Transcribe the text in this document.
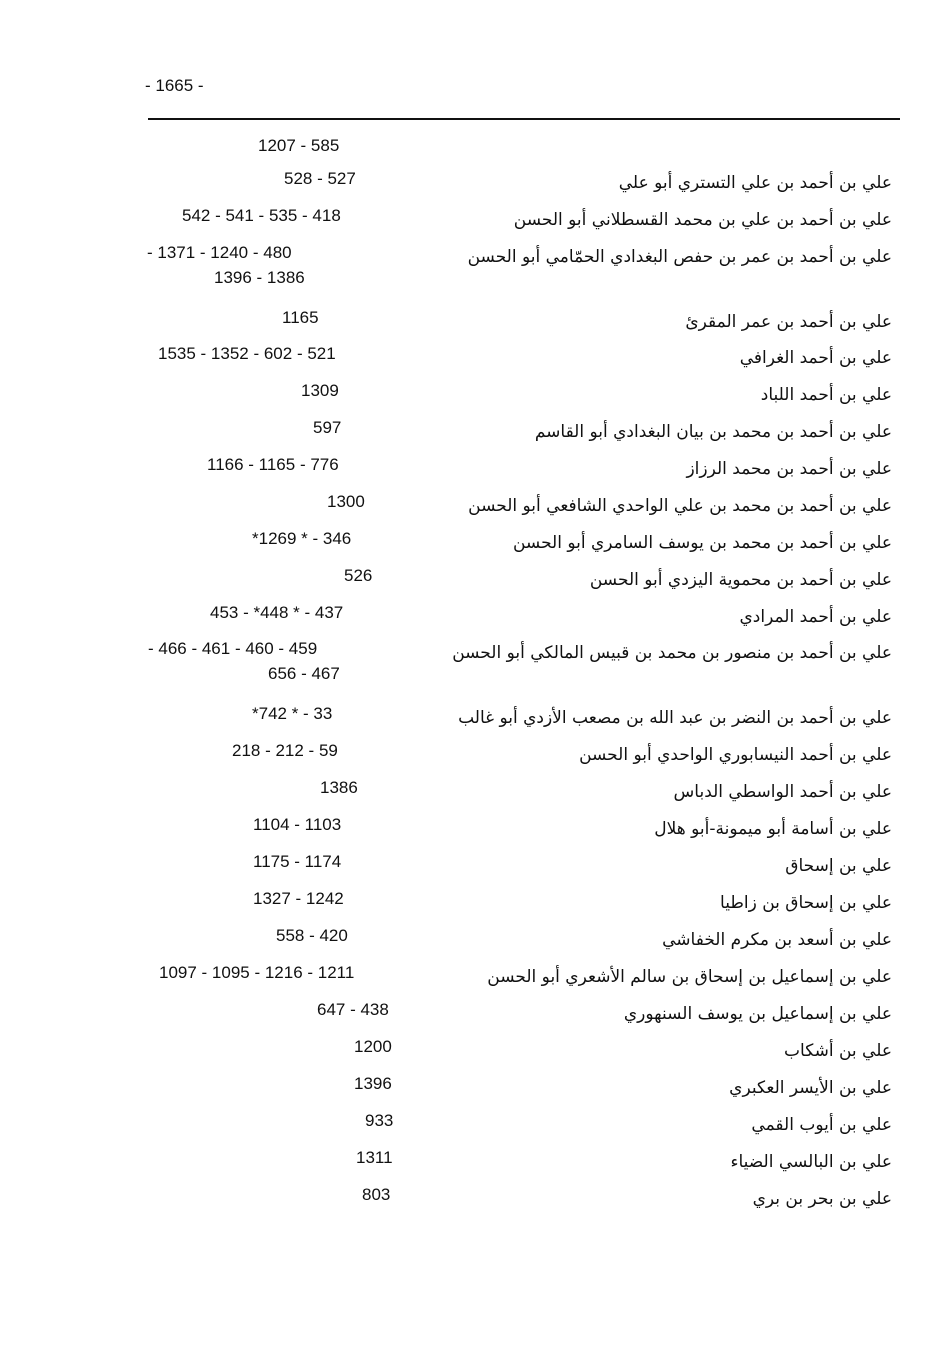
- 1665 -
1207 - 585
علي بن أحمد بن علي التستري أبو علي
528 - 527
علي بن أحمد بن علي بن محمد القسطلاني أبو الحسن
542 - 541 - 535 - 418
علي بن أحمد بن عمر بن حفص البغدادي الحمّامي أبو الحسن
- 1371 - 1240 - 480
1396 - 1386
علي بن أحمد بن عمر المقرئ
1165
علي بن أحمد الغرافي
1535 - 1352 - 602 - 521
علي بن أحمد اللباد
1309
علي بن أحمد بن محمد بن بيان البغدادي أبو القاسم
597
علي بن أحمد بن محمد الرزاز
1166 - 1165 - 776
علي بن أحمد بن محمد بن علي الواحدي الشافعي أبو الحسن
1300
علي بن أحمد بن محمد بن يوسف السامري أبو الحسن
*1269 * - 346
علي بن أحمد بن محموية اليزدي أبو الحسن
526
علي بن أحمد المرادي
453 - *448 * - 437
علي بن أحمد بن منصور بن محمد بن قبيس المالكي أبو الحسن
- 466 - 461 - 460 - 459
656 - 467
علي بن أحمد بن النضر بن عبد الله بن مصعب الأزدي أبو غالب
*742 * - 33
علي بن أحمد النيسابوري الواحدي أبو الحسن
218 - 212 - 59
علي بن أحمد الواسطي الدباس
1386
علي بن أسامة أبو ميمونة-أبو هلال
1104 - 1103
علي بن إسحاق
1175 - 1174
علي بن إسحاق بن زاطيا
1327 - 1242
علي بن أسعد بن مكرم الخفاشي
558 - 420
علي بن إسماعيل بن إسحاق بن سالم الأشعري أبو الحسن
1097 - 1095 - 1216 - 1211
علي بن إسماعيل بن يوسف السنهوري
647 - 438
علي بن أشكاب
1200
علي بن الأيسر العكبري
1396
علي بن أيوب القمي
933
علي بن البالسي الضياء
1311
علي بن بحر بن بري
803
